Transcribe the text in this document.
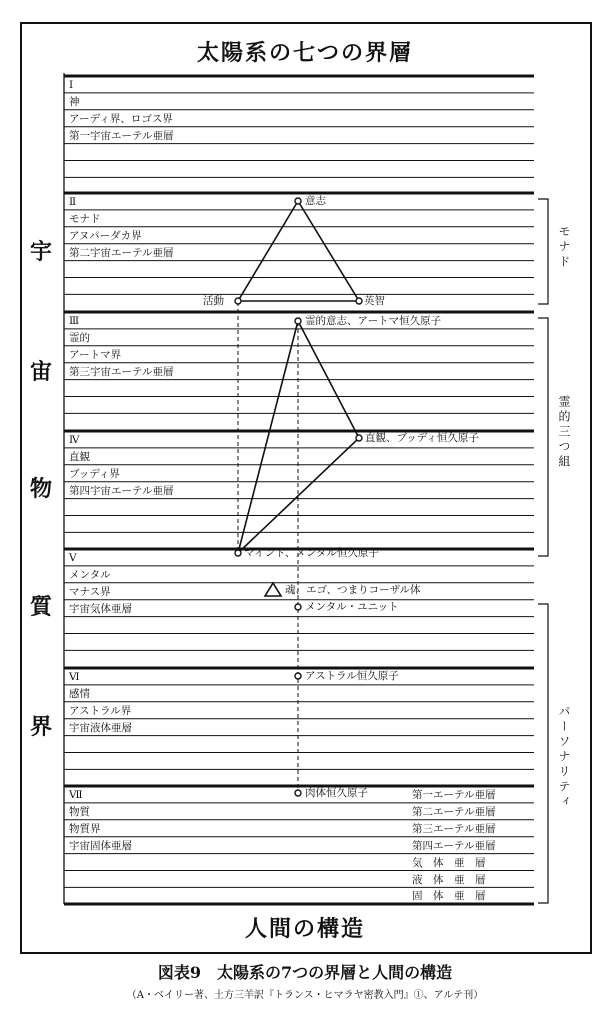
太陽系の七つの界層
宇
宙
物
質
界
Ⅰ
神
アーディ界、ロゴス界
第一宇宙エーテル亜層
Ⅱ
モナド
アヌパーダカ界
第二宇宙エーテル亜層
Ⅲ
霊的
アートマ界
第三宇宙エーテル亜層
Ⅳ
直観
ブッディ界
第四宇宙エーテル亜層
Ⅴ
メンタル
マナス界
宇宙気体亜層
Ⅵ
感情
アストラル界
宇宙液体亜層
Ⅶ
物質
物質界
宇宙固体亜層
意志
活動	英智
霊的意志、アートマ恒久原子
直観、ブッディ恒久原子
マインド、メンタル恒久原子
魂、エゴ、つまりコーザル体
メンタル・ユニット
アストラル恒久原子
肉体恒久原子	第一エーテル亜層
第二エーテル亜層
第三エーテル亜層
第四エーテル亜層
気　体　亜　層
液　体　亜　層
固　体　亜　層
モナド
霊的三つ組
パーソナリティ
人間の構造
図表9　太陽系の7つの界層と人間の構造
（A・ベイリー著、土方三羊訳『トランス・ヒマラヤ密教入門』①、アルテ刊）
